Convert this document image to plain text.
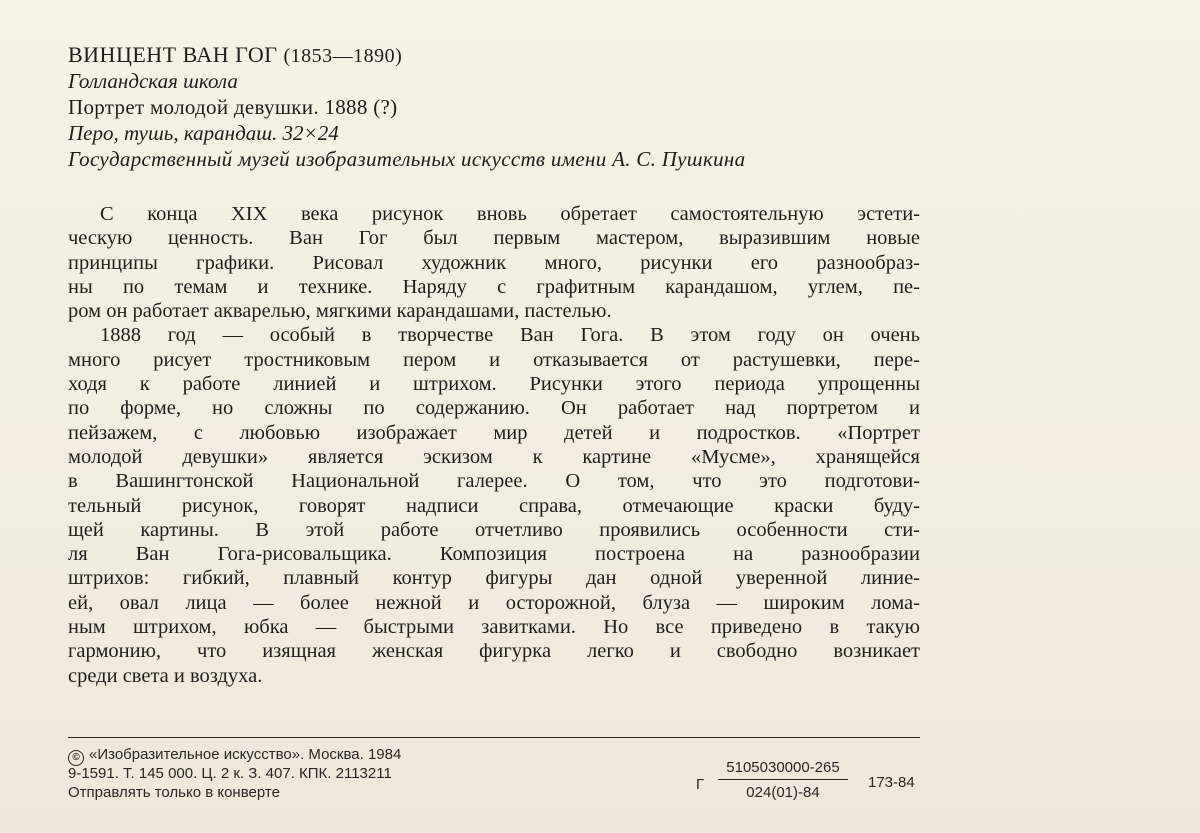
ВИНЦЕНТ ВАН ГОГ (1853—1890)
Голландская школа
Портрет молодой девушки. 1888 (?)
Перо, тушь, карандаш. 32×24
Государственный музей изобразительных искусств имени А. С. Пушкина
С конца XIX века рисунок вновь обретает самостоятельную эстети-
ческую ценность. Ван Гог был первым мастером, выразившим новые
принципы графики. Рисовал художник много, рисунки его разнообраз-
ны по темам и технике. Наряду с графитным карандашом, углем, пе-
ром он работает акварелью, мягкими карандашами, пастелью.
1888 год — особый в творчестве Ван Гога. В этом году он очень
много рисует тростниковым пером и отказывается от растушевки, пере-
ходя к работе линией и штрихом. Рисунки этого периода упрощенны
по форме, но сложны по содержанию. Он работает над портретом и
пейзажем, с любовью изображает мир детей и подростков. «Портрет
молодой девушки» является эскизом к картине «Мусме», хранящейся
в Вашингтонской Национальной галерее. О том, что это подготови-
тельный рисунок, говорят надписи справа, отмечающие краски буду-
щей картины. В этой работе отчетливо проявились особенности сти-
ля Ван Гога-рисовальщика. Композиция построена на разнообразии
штрихов: гибкий, плавный контур фигуры дан одной уверенной линие-
ей, овал лица — более нежной и осторожной, блуза — широким лома-
ным штрихом, юбка — быстрыми завитками. Но все приведено в такую
гармонию, что изящная женская фигурка легко и свободно возникает
среди света и воздуха.
© «Изобразительное искусство». Москва. 1984
9-1591. Т. 145 000. Ц. 2 к. З. 407. КПК. 2113211
Отправлять только в конверте	Г
5105030000-265
024(01)-84
173-84
